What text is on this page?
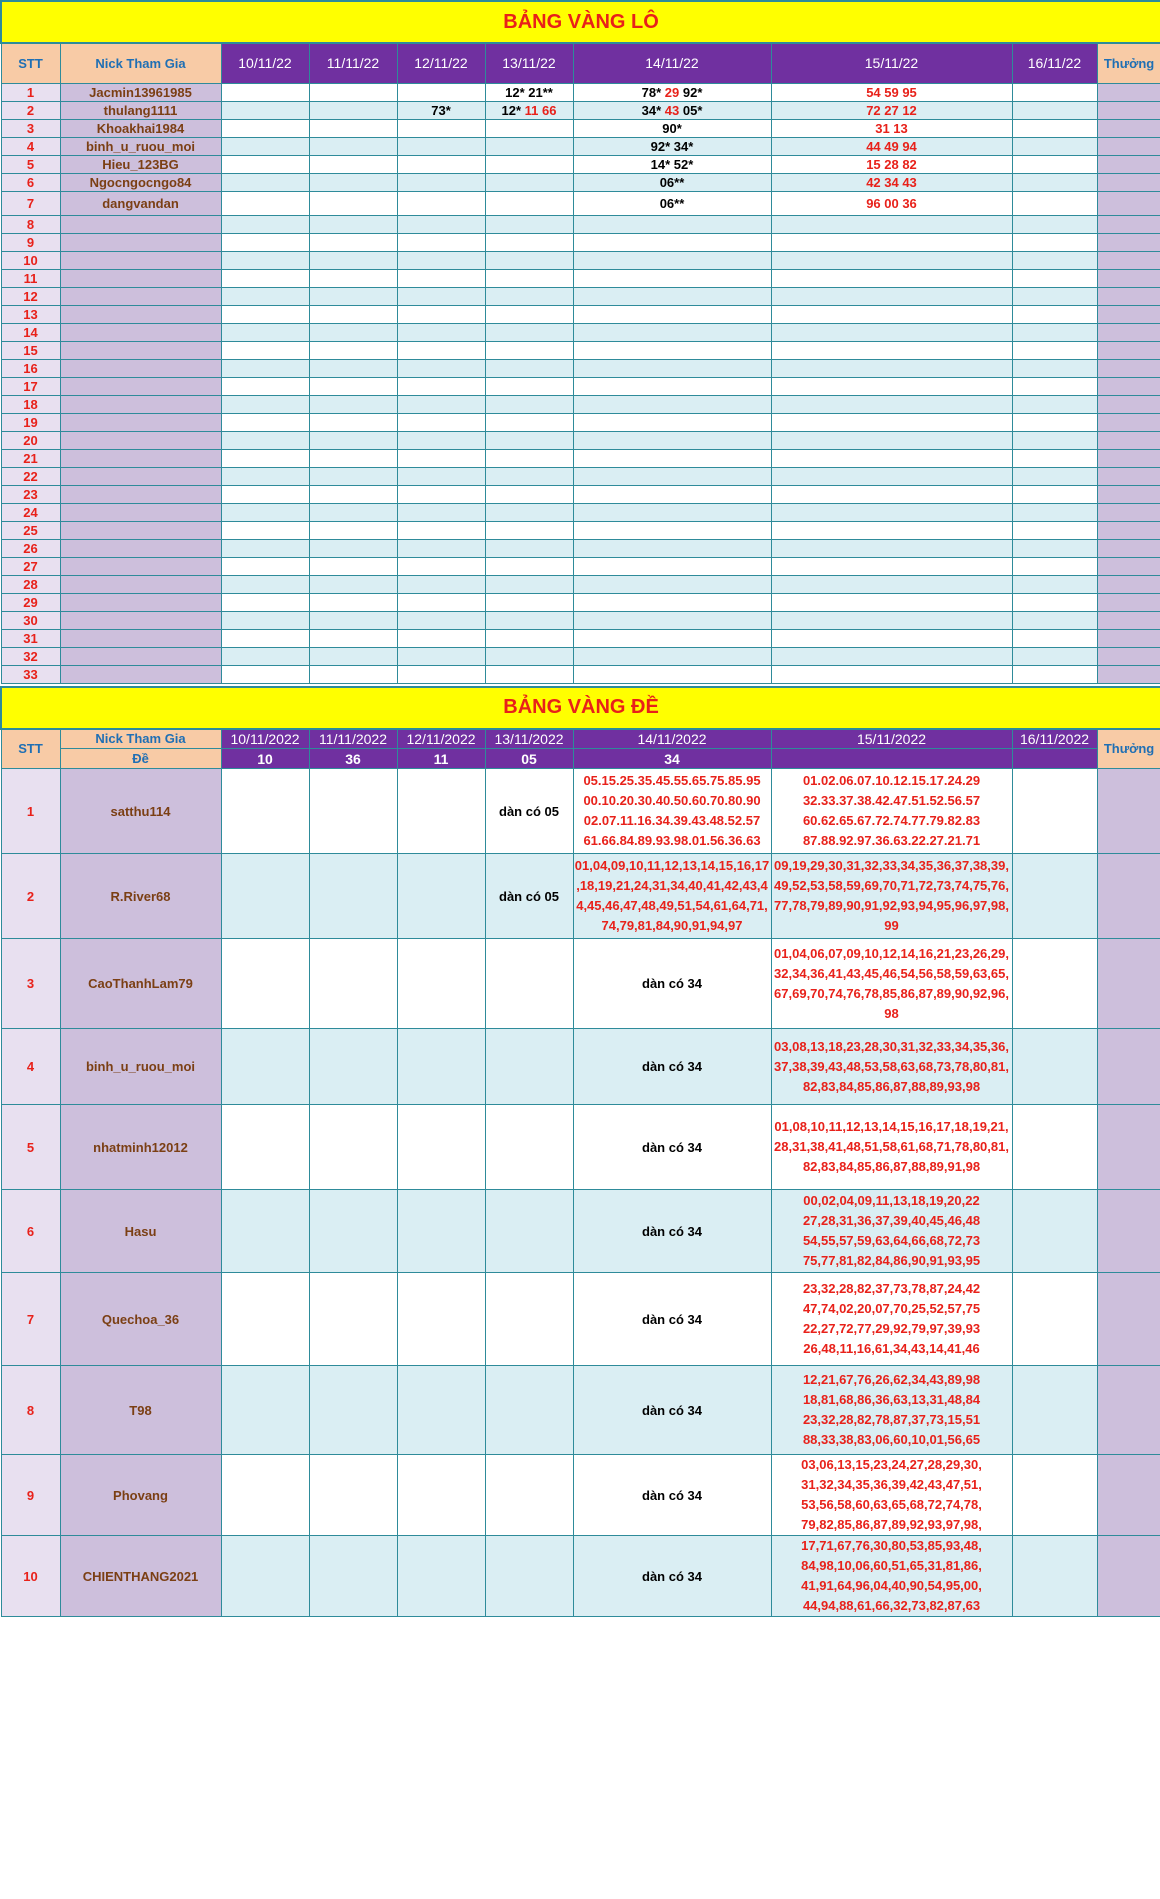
BẢNG VÀNG LÔ									
STT	Nick Tham Gia	10/11/22	11/11/22	12/11/22	13/11/22	14/11/22	15/11/22	16/11/22	Thưởng
1	Jacmin13961985				12* 21**	78* 29 92*	54 59 95		
2	thulang1111			73*	12* 11 66	34* 43 05*	72 27 12		
3	Khoakhai1984					90*	31 13		
4	binh_u_ruou_moi					92* 34*	44 49 94		
5	Hieu_123BG					14* 52*	15 28 82		
6	Ngocngocngo84					06**	42 34 43		
7	dangvandan					06**	96 00 36		
8									
9									
10									
11									
12									
13									
14									
15									
16									
17									
18									
19									
20									
21									
22									
23									
24									
25									
26									
27									
28									
29									
30									
31									
32									
33									
BẢNG VÀNG ĐỀ									
STT	Nick Tham Gia	10/11/2022	11/11/2022	12/11/2022	13/11/2022	14/11/2022	15/11/2022	16/11/2022	Thưởng
	Đề	10	36	11	05	34			
1	satthu114				dàn có 05	05.15.25.35.45.55.65.75.85.95
00.10.20.30.40.50.60.70.80.90
02.07.11.16.34.39.43.48.52.57
61.66.84.89.93.98.01.56.36.63	01.02.06.07.10.12.15.17.24.29
32.33.37.38.42.47.51.52.56.57
60.62.65.67.72.74.77.79.82.83
87.88.92.97.36.63.22.27.21.71		

2	R.River68				dàn có 05	01,04,09,10,11,12,13,14,15,16,17
,18,19,21,24,31,34,40,41,42,43,4
4,45,46,47,48,49,51,54,61,64,71,
74,79,81,84,90,91,94,97	09,19,29,30,31,32,33,34,35,36,37,38,39,
49,52,53,58,59,69,70,71,72,73,74,75,76,
77,78,79,89,90,91,92,93,94,95,96,97,98,
99		

3	CaoThanhLam79					dàn có 34	01,04,06,07,09,10,12,14,16,21,23,26,29,
32,34,36,41,43,45,46,54,56,58,59,63,65,
67,69,70,74,76,78,85,86,87,89,90,92,96,
98		

4	binh_u_ruou_moi					dàn có 34	03,08,13,18,23,28,30,31,32,33,34,35,36,
37,38,39,43,48,53,58,63,68,73,78,80,81,
82,83,84,85,86,87,88,89,93,98		

5	nhatminh12012					dàn có 34	01,08,10,11,12,13,14,15,16,17,18,19,21,
28,31,38,41,48,51,58,61,68,71,78,80,81,
82,83,84,85,86,87,88,89,91,98		

6	Hasu					dàn có 34	00,02,04,09,11,13,18,19,20,22
27,28,31,36,37,39,40,45,46,48
54,55,57,59,63,64,66,68,72,73
75,77,81,82,84,86,90,91,93,95		

7	Quechoa_36					dàn có 34	23,32,28,82,37,73,78,87,24,42
47,74,02,20,07,70,25,52,57,75
22,27,72,77,29,92,79,97,39,93
26,48,11,16,61,34,43,14,41,46		

8	T98					dàn có 34	12,21,67,76,26,62,34,43,89,98
18,81,68,86,36,63,13,31,48,84
23,32,28,82,78,87,37,73,15,51
88,33,38,83,06,60,10,01,56,65		

9	Phovang					dàn có 34	03,06,13,15,23,24,27,28,29,30,
31,32,34,35,36,39,42,43,47,51,
53,56,58,60,63,65,68,72,74,78,
79,82,85,86,87,89,92,93,97,98,		

10	CHIENTHANG2021					dàn có 34	17,71,67,76,30,80,53,85,93,48,
84,98,10,06,60,51,65,31,81,86,
41,91,64,96,04,40,90,54,95,00,
44,94,88,61,66,32,73,82,87,63		
